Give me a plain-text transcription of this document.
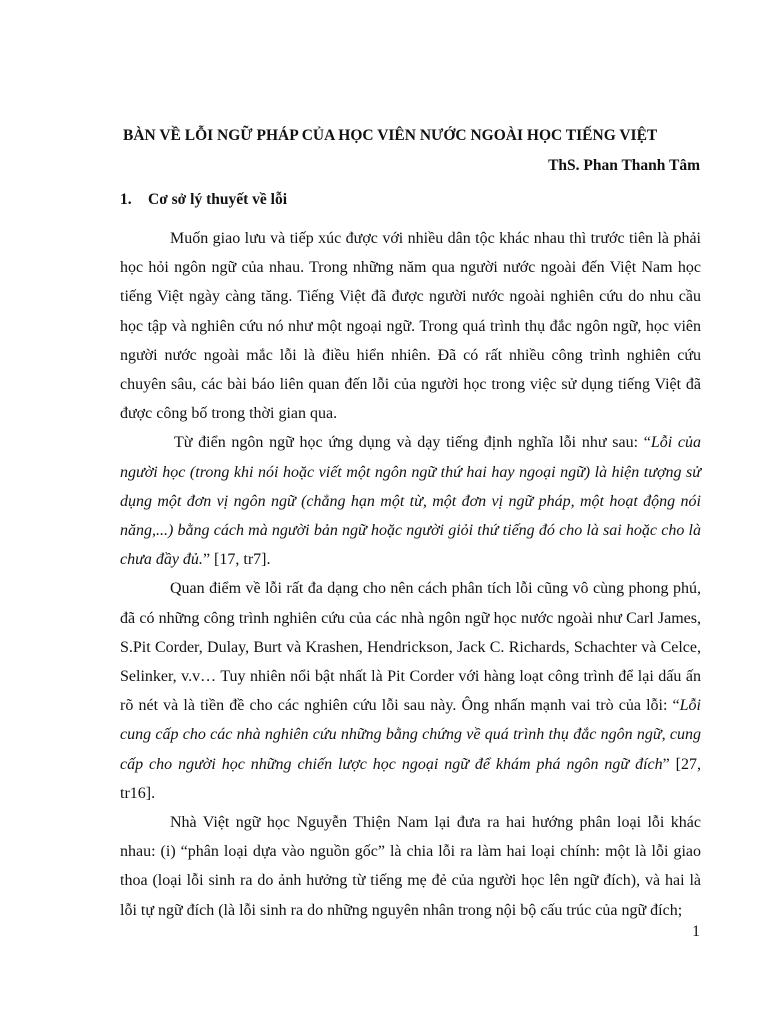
BÀN VỀ LỖI NGỮ PHÁP CỦA HỌC VIÊN NƯỚC NGOÀI HỌC TIẾNG VIỆT
ThS. Phan Thanh Tâm
1. Cơ sở lý thuyết về lỗi

Muốn giao lưu và tiếp xúc được với nhiều dân tộc khác nhau thì trước tiên là phải học hỏi ngôn ngữ của nhau. Trong những năm qua người nước ngoài đến Việt Nam học tiếng Việt ngày càng tăng. Tiếng Việt đã được người nước ngoài nghiên cứu do nhu cầu học tập và nghiên cứu nó như một ngoại ngữ. Trong quá trình thụ đắc ngôn ngữ, học viên người nước ngoài mắc lỗi là điều hiển nhiên. Đã có rất nhiều công trình nghiên cứu chuyên sâu, các bài báo liên quan đến lỗi của người học trong việc sử dụng tiếng Việt đã được công bố trong thời gian qua.

Từ điển ngôn ngữ học ứng dụng và dạy tiếng định nghĩa lỗi như sau: “Lỗi của người học (trong khi nói hoặc viết một ngôn ngữ thứ hai hay ngoại ngữ) là hiện tượng sử dụng một đơn vị ngôn ngữ (chẳng hạn một từ, một đơn vị ngữ pháp, một hoạt động nói năng,...) bằng cách mà người bản ngữ hoặc người giỏi thứ tiếng đó cho là sai hoặc cho là chưa đầy đủ.” [17, tr7].

Quan điểm về lỗi rất đa dạng cho nên cách phân tích lỗi cũng vô cùng phong phú, đã có những công trình nghiên cứu của các nhà ngôn ngữ học nước ngoài như Carl James, S.Pit Corder, Dulay, Burt và Krashen, Hendrickson, Jack C. Richards, Schachter và Celce, Selinker, v.v… Tuy nhiên nổi bật nhất là Pit Corder với hàng loạt công trình để lại dấu ấn rõ nét và là tiền đề cho các nghiên cứu lỗi sau này. Ông nhấn mạnh vai trò của lỗi: “Lỗi cung cấp cho các nhà nghiên cứu những bằng chứng về quá trình thụ đắc ngôn ngữ, cung cấp cho người học những chiến lược học ngoại ngữ để khám phá ngôn ngữ đích” [27, tr16].

Nhà Việt ngữ học Nguyễn Thiện Nam lại đưa ra hai hướng phân loại lỗi khác nhau: (i) “phân loại dựa vào nguồn gốc” là chia lỗi ra làm hai loại chính: một là lỗi giao thoa (loại lỗi sinh ra do ảnh hưởng từ tiếng mẹ đẻ của người học lên ngữ đích), và hai là lỗi tự ngữ đích (là lỗi sinh ra do những nguyên nhân trong nội bộ cấu trúc của ngữ đích;

1
